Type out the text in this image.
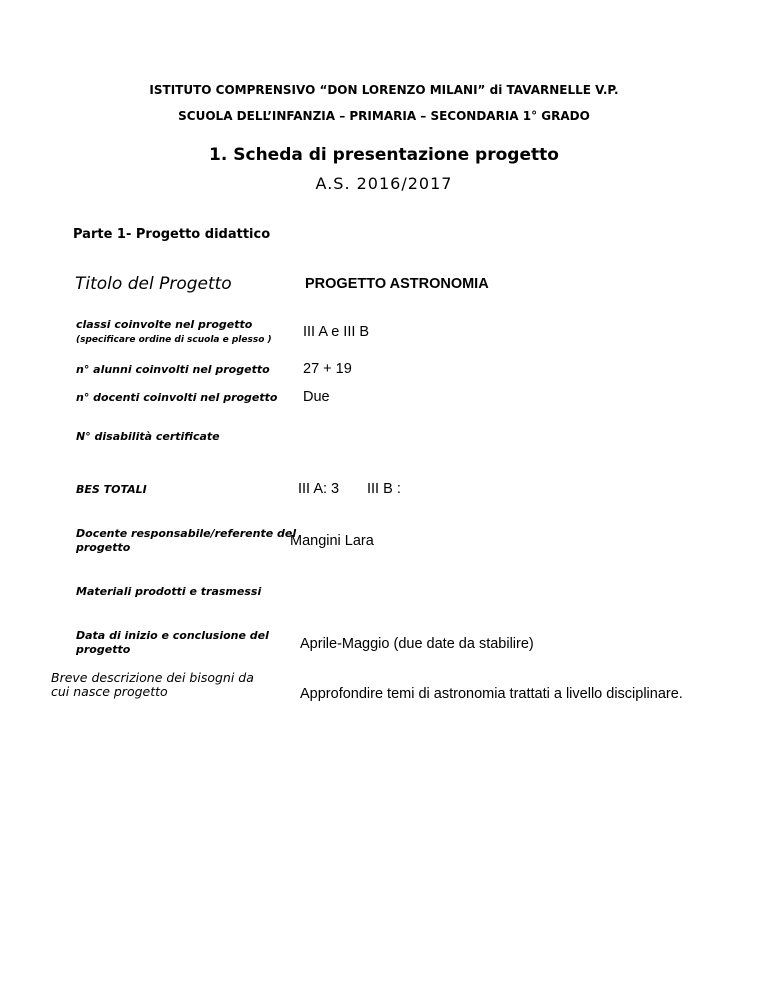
ISTITUTO COMPRENSIVO “DON LORENZO MILANI” di TAVARNELLE V.P.
SCUOLA DELL’INFANZIA – PRIMARIA – SECONDARIA 1° GRADO
1. Scheda di presentazione progetto
A.S. 2016/2017
Parte 1- Progetto didattico
Titolo del Progetto	PROGETTO ASTRONOMIA
classi coinvolte nel progetto
(specificare ordine di scuola e plesso ) III A e III B
n° alunni coinvolti nel progetto 27 + 19
n° docenti coinvolti nel progetto Due
N° disabilità certificate
BES TOTALI	III A: 3 III B :
Docente responsabile/referente del
progetto	Mangini Lara
Materiali prodotti e trasmessi
Data di inizio e conclusione del
progetto	Aprile-Maggio (due date da stabilire)
Breve descrizione dei bisogni da
cui nasce progetto	Approfondire temi di astronomia trattati a livello disciplinare.
